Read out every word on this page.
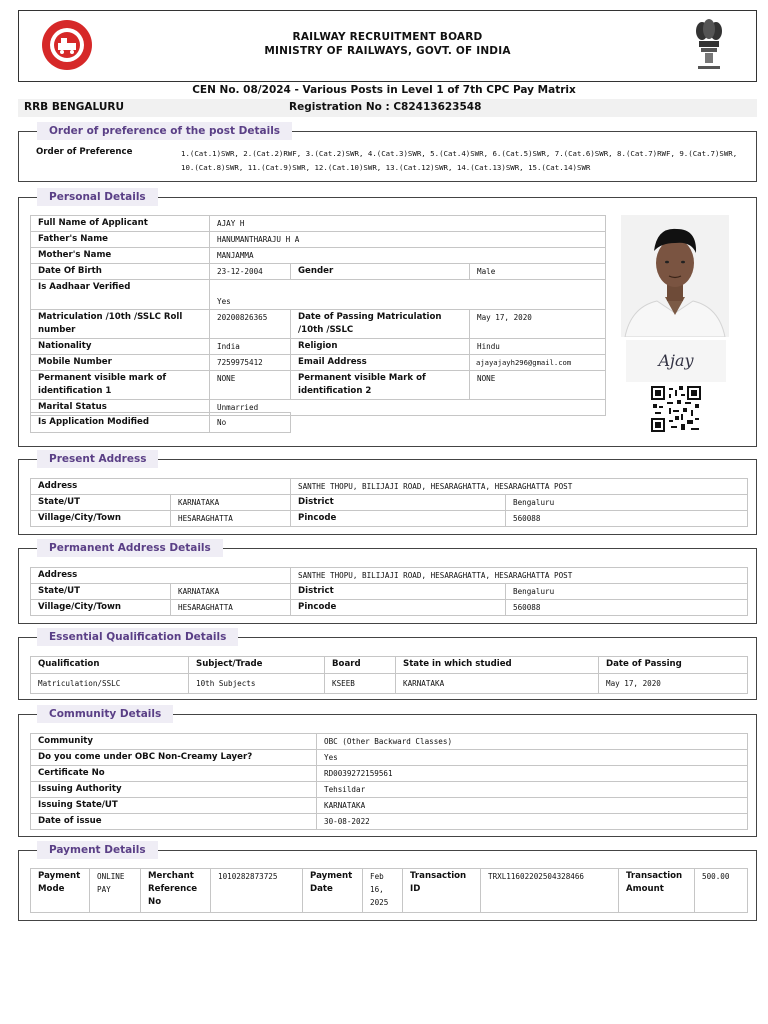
RAILWAY RECRUITMENT BOARD
MINISTRY OF RAILWAYS, GOVT. OF INDIA
CEN No. 08/2024 - Various Posts in Level 1 of 7th CPC Pay Matrix
RRB BENGALURU	Registration No : C82413623548
Order of preference of the post Details
Order of Preference	1.(Cat.1)SWR, 2.(Cat.2)RWF, 3.(Cat.2)SWR, 4.(Cat.3)SWR, 5.(Cat.4)SWR, 6.(Cat.5)SWR, 7.(Cat.6)SWR, 8.(Cat.7)RWF, 9.(Cat.7)SWR, 10.(Cat.8)SWR, 11.(Cat.9)SWR, 12.(Cat.10)SWR, 13.(Cat.12)SWR, 14.(Cat.13)SWR, 15.(Cat.14)SWR
Personal Details
Full Name of Applicant	AJAY H		
Father's Name	HANUMANTHARAJU H A		
Mother's Name	MANJAMMA		
Date Of Birth	23-12-2004	Gender	Male
Is Aadhaar Verified	Yes		
Matriculation /10th /SSLC Roll number	20200826365	Date of Passing Matriculation /10th /SSLC	May 17, 2020
Nationality	India	Religion	Hindu
Mobile Number	7259975412	Email Address	ajayajayh296@gmail.com
Permanent visible mark of identification 1	NONE	Permanent visible Mark of identification 2	NONE
Marital Status	Unmarried		
Is Application Modified	No
Ajay
Present Address
Address		SANTHE THOPU, BILIJAJI ROAD, HESARAGHATTA, HESARAGHATTA POST	
State/UT	KARNATAKA	District	Bengaluru
Village/City/Town	HESARAGHATTA	Pincode	560088
Permanent Address Details
Address		SANTHE THOPU, BILIJAJI ROAD, HESARAGHATTA, HESARAGHATTA POST	
State/UT	KARNATAKA	District	Bengaluru
Village/City/Town	HESARAGHATTA	Pincode	560088
Essential Qualification Details
Qualification	Subject/Trade	Board	State in which studied	Date of Passing
Matriculation/SSLC	10th Subjects	KSEEB	KARNATAKA	May 17, 2020
Community Details
Community	OBC (Other Backward Classes)
Do you come under OBC Non-Creamy Layer?	Yes
Certificate No	RD0039272159561
Issuing Authority	Tehsildar
Issuing State/UT	KARNATAKA
Date of issue	30-08-2022
Payment Details
Payment Mode	ONLINE PAY	Merchant Reference No	1010282873725	Payment Date	Feb 16, 2025	Transaction ID	TRXL11602202504328466	Transaction Amount	500.00
